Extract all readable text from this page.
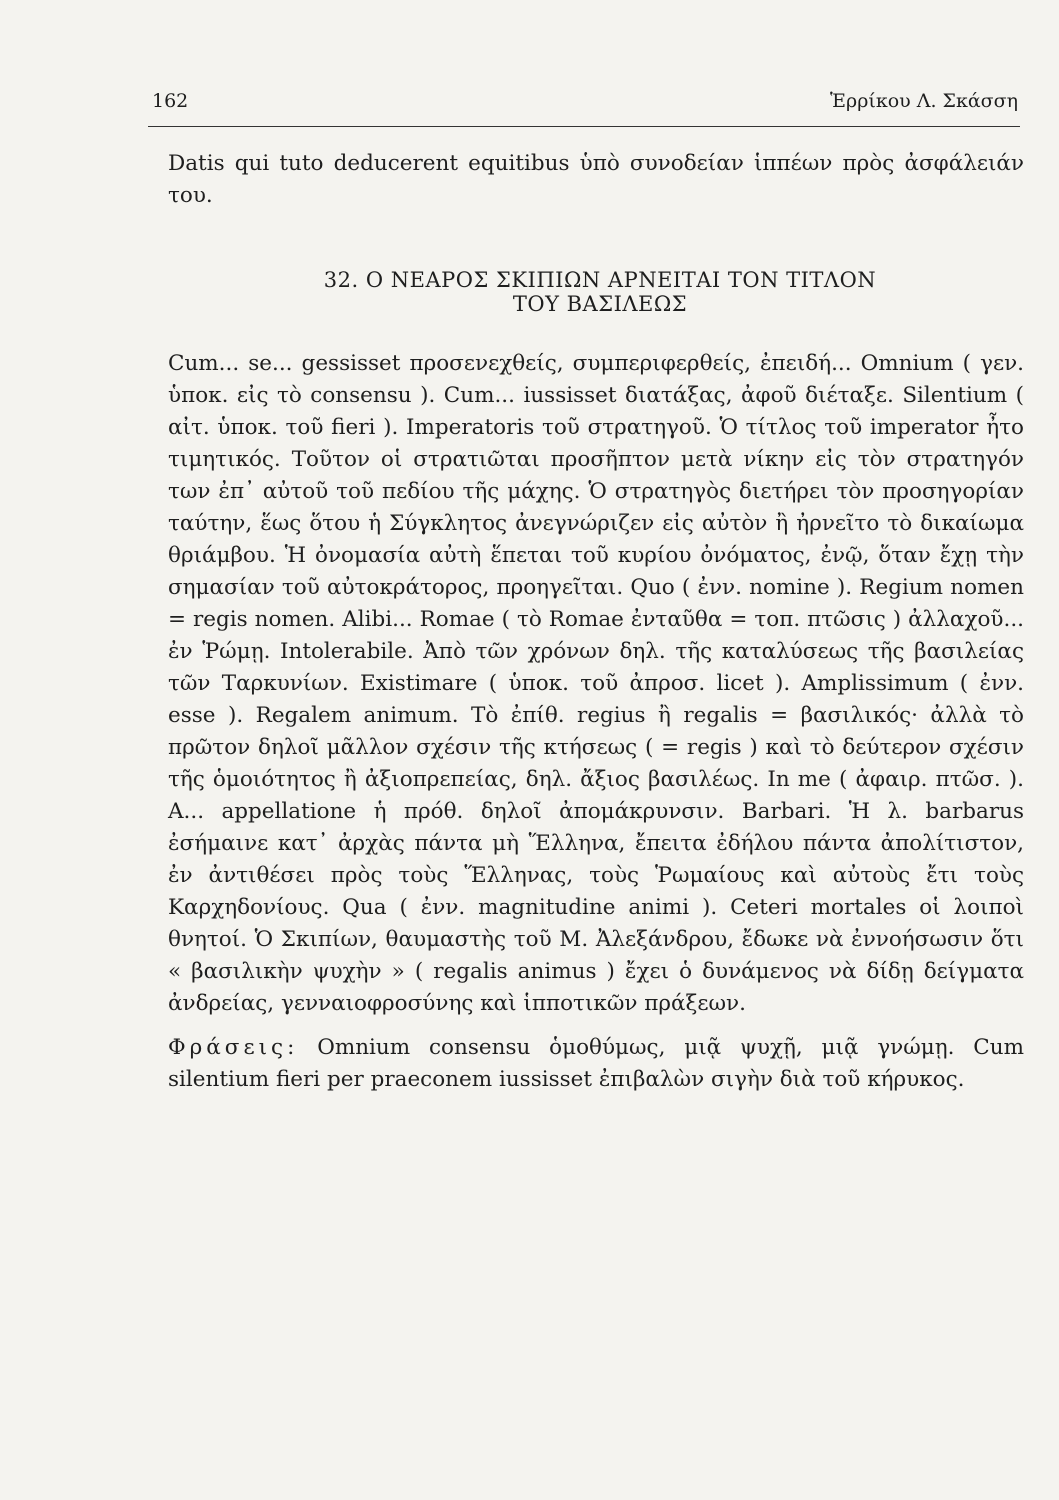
162	Ἑρρίκου Λ. Σκάσση

Datis qui tuto deducerent equitibus ὑπὸ συνοδείαν ἱππέων πρὸς ἀσφάλειάν του.

32. Ο ΝΕΑΡΟΣ ΣΚΙΠΙΩΝ ΑΡΝΕΙΤΑΙ ΤΟΝ ΤΙΤΛΟΝ
ΤΟΥ ΒΑΣΙΛΕΩΣ

Cum... se... gessisset προσενεχθείς, συμπεριφερθείς, ἐπειδή... Omnium ( γεν. ὑποκ. εἰς τὸ consensu ). Cum... iussisset διατάξας, ἀφοῦ διέταξε. Silentium ( αἰτ. ὑποκ. τοῦ fieri ). Imperatoris τοῦ στρατηγοῦ. Ὁ τίτλος τοῦ imperator ἦτο τιμητικός. Τοῦτον οἱ στρατιῶται προσῆπτον μετὰ νίκην εἰς τὸν στρατηγόν των ἐπ᾽ αὐτοῦ τοῦ πεδίου τῆς μάχης. Ὁ στρατηγὸς διετήρει τὸν προσηγορίαν ταύτην, ἕως ὅτου ἡ Σύγκλητος ἀνεγνώριζεν εἰς αὐτὸν ἢ ἠρνεῖτο τὸ δικαίωμα θριάμβου. Ἡ ὀνομασία αὐτὴ ἕπεται τοῦ κυρίου ὀνόματος, ἐνῷ, ὅταν ἔχῃ τὴν σημασίαν τοῦ αὐτοκράτορος, προηγεῖται. Quo ( ἐνν. nomine ). Regium nomen = regis nomen. Alibi... Romae ( τὸ Romae ἐνταῦθα = τοπ. πτῶσις ) ἀλλαχοῦ... ἐν Ῥώμῃ. Intolerabile. Ἀπὸ τῶν χρόνων δηλ. τῆς καταλύσεως τῆς βασιλείας τῶν Ταρκυνίων. Existimare ( ὑποκ. τοῦ ἀπροσ. licet ). Amplissimum ( ἐνν. esse ). Regalem animum. Τὸ ἐπίθ. regius ἢ regalis = βασιλικός· ἀλλὰ τὸ πρῶτον δηλοῖ μᾶλλον σχέσιν τῆς κτήσεως ( = regis ) καὶ τὸ δεύτερον σχέσιν τῆς ὁμοιότητος ἢ ἀξιοπρεπείας, δηλ. ἄξιος βασιλέως. In me ( ἀφαιρ. πτῶσ. ). A... appellatione ἡ πρόθ. δηλοῖ ἀπομάκρυνσιν. Barbari. Ἡ λ. barbarus ἐσήμαινε κατ᾽ ἀρχὰς πάντα μὴ Ἕλληνα, ἔπειτα ἐδήλου πάντα ἀπολίτιστον, ἐν ἀντιθέσει πρὸς τοὺς Ἕλληνας, τοὺς Ῥωμαίους καὶ αὐτοὺς ἔτι τοὺς Καρχηδονίους. Qua ( ἐνν. magnitudine animi ). Ceteri mortales οἱ λοιποὶ θνητοί. Ὁ Σκιπίων, θαυμαστὴς τοῦ Μ. Ἀλεξάνδρου, ἔδωκε νὰ ἐννοήσωσιν ὅτι « βασιλικὴν ψυχὴν » ( regalis animus ) ἔχει ὁ δυνάμενος νὰ δίδῃ δείγματα ἀνδρείας, γενναιοφροσύνης καὶ ἱπποτικῶν πράξεων.

Φράσεις: Omnium consensu ὁμοθύμως, μιᾷ ψυχῇ, μιᾷ γνώμῃ. Cum silentium fieri per praeconem iussisset ἐπιβαλὼν σιγὴν διὰ τοῦ κήρυκος.
